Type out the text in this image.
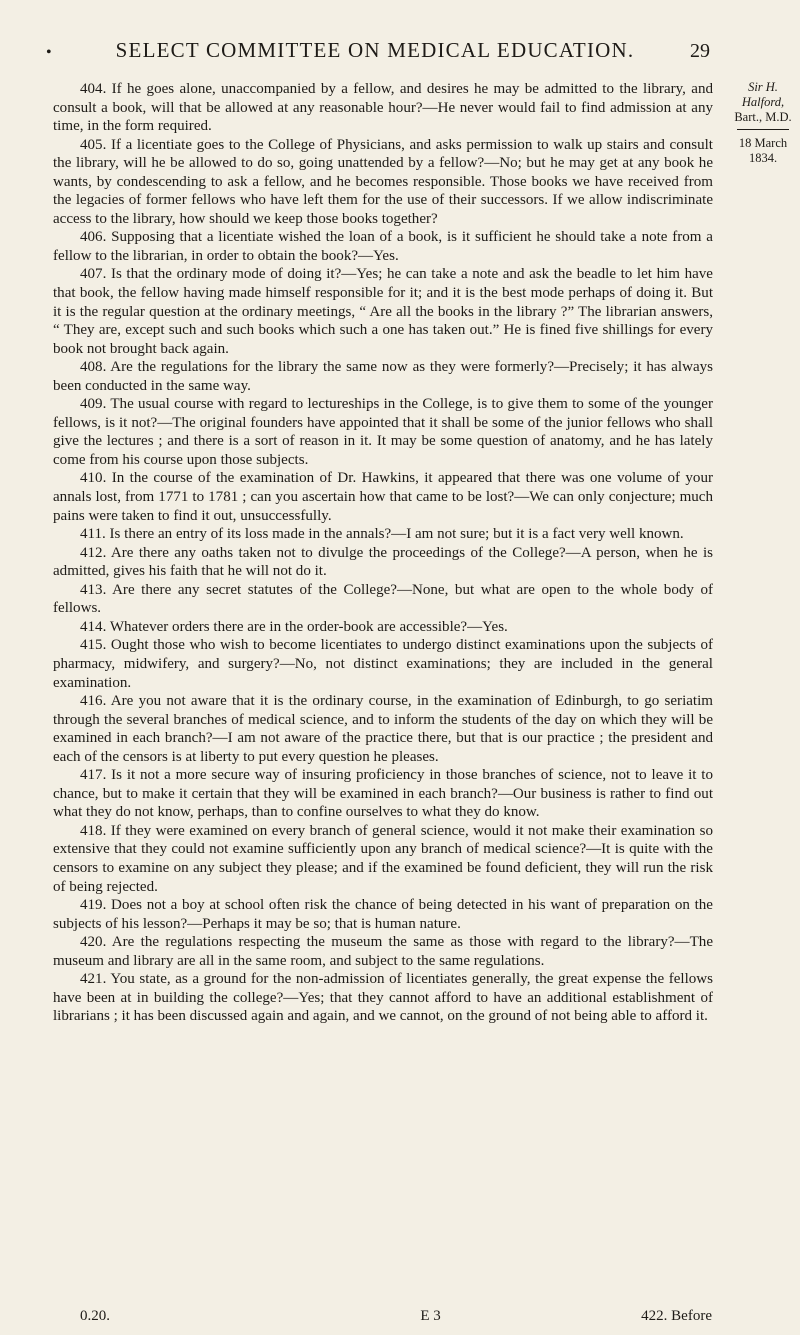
•	SELECT COMMITTEE ON MEDICAL EDUCATION.	29
Sir H. Halford,
Bart., M.D.
18 March 1834.

404. If he goes alone, unaccompanied by a fellow, and desires he may be admitted to the library, and consult a book, will that be allowed at any reasonable hour?—He never would fail to find admission at any time, in the form required.

405. If a licentiate goes to the College of Physicians, and asks permission to walk up stairs and consult the library, will he be allowed to do so, going unattended by a fellow?—No; but he may get at any book he wants, by condescending to ask a fellow, and he becomes responsible. Those books we have received from the legacies of former fellows who have left them for the use of their successors. If we allow indiscriminate access to the library, how should we keep those books together?

406. Supposing that a licentiate wished the loan of a book, is it sufficient he should take a note from a fellow to the librarian, in order to obtain the book?—Yes.

407. Is that the ordinary mode of doing it?—Yes; he can take a note and ask the beadle to let him have that book, the fellow having made himself responsible for it; and it is the best mode perhaps of doing it. But it is the regular question at the ordinary meetings, “ Are all the books in the library ?” The librarian answers, “ They are, except such and such books which such a one has taken out.” He is fined five shillings for every book not brought back again.

408. Are the regulations for the library the same now as they were formerly?—Precisely; it has always been conducted in the same way.

409. The usual course with regard to lectureships in the College, is to give them to some of the younger fellows, is it not?—The original founders have appointed that it shall be some of the junior fellows who shall give the lectures ; and there is a sort of reason in it. It may be some question of anatomy, and he has lately come from his course upon those subjects.

410. In the course of the examination of Dr. Hawkins, it appeared that there was one volume of your annals lost, from 1771 to 1781 ; can you ascertain how that came to be lost?—We can only conjecture; much pains were taken to find it out, unsuccessfully.

411. Is there an entry of its loss made in the annals?—I am not sure; but it is a fact very well known.

412. Are there any oaths taken not to divulge the proceedings of the College?—A person, when he is admitted, gives his faith that he will not do it.

413. Are there any secret statutes of the College?—None, but what are open to the whole body of fellows.

414. Whatever orders there are in the order-book are accessible?—Yes.

415. Ought those who wish to become licentiates to undergo distinct examinations upon the subjects of pharmacy, midwifery, and surgery?—No, not distinct examinations; they are included in the general examination.

416. Are you not aware that it is the ordinary course, in the examination of Edinburgh, to go seriatim through the several branches of medical science, and to inform the students of the day on which they will be examined in each branch?—I am not aware of the practice there, but that is our practice ; the president and each of the censors is at liberty to put every question he pleases.

417. Is it not a more secure way of insuring proficiency in those branches of science, not to leave it to chance, but to make it certain that they will be examined in each branch?—Our business is rather to find out what they do not know, perhaps, than to confine ourselves to what they do know.

418. If they were examined on every branch of general science, would it not make their examination so extensive that they could not examine sufficiently upon any branch of medical science?—It is quite with the censors to examine on any subject they please; and if the examined be found deficient, they will run the risk of being rejected.

419. Does not a boy at school often risk the chance of being detected in his want of preparation on the subjects of his lesson?—Perhaps it may be so; that is human nature.

420. Are the regulations respecting the museum the same as those with regard to the library?—The museum and library are all in the same room, and subject to the same regulations.

421. You state, as a ground for the non-admission of licentiates generally, the great expense the fellows have been at in building the college?—Yes; that they cannot afford to have an additional establishment of librarians ; it has been discussed again and again, and we cannot, on the ground of not being able to afford it.

0.20.	E 3	422. Before
